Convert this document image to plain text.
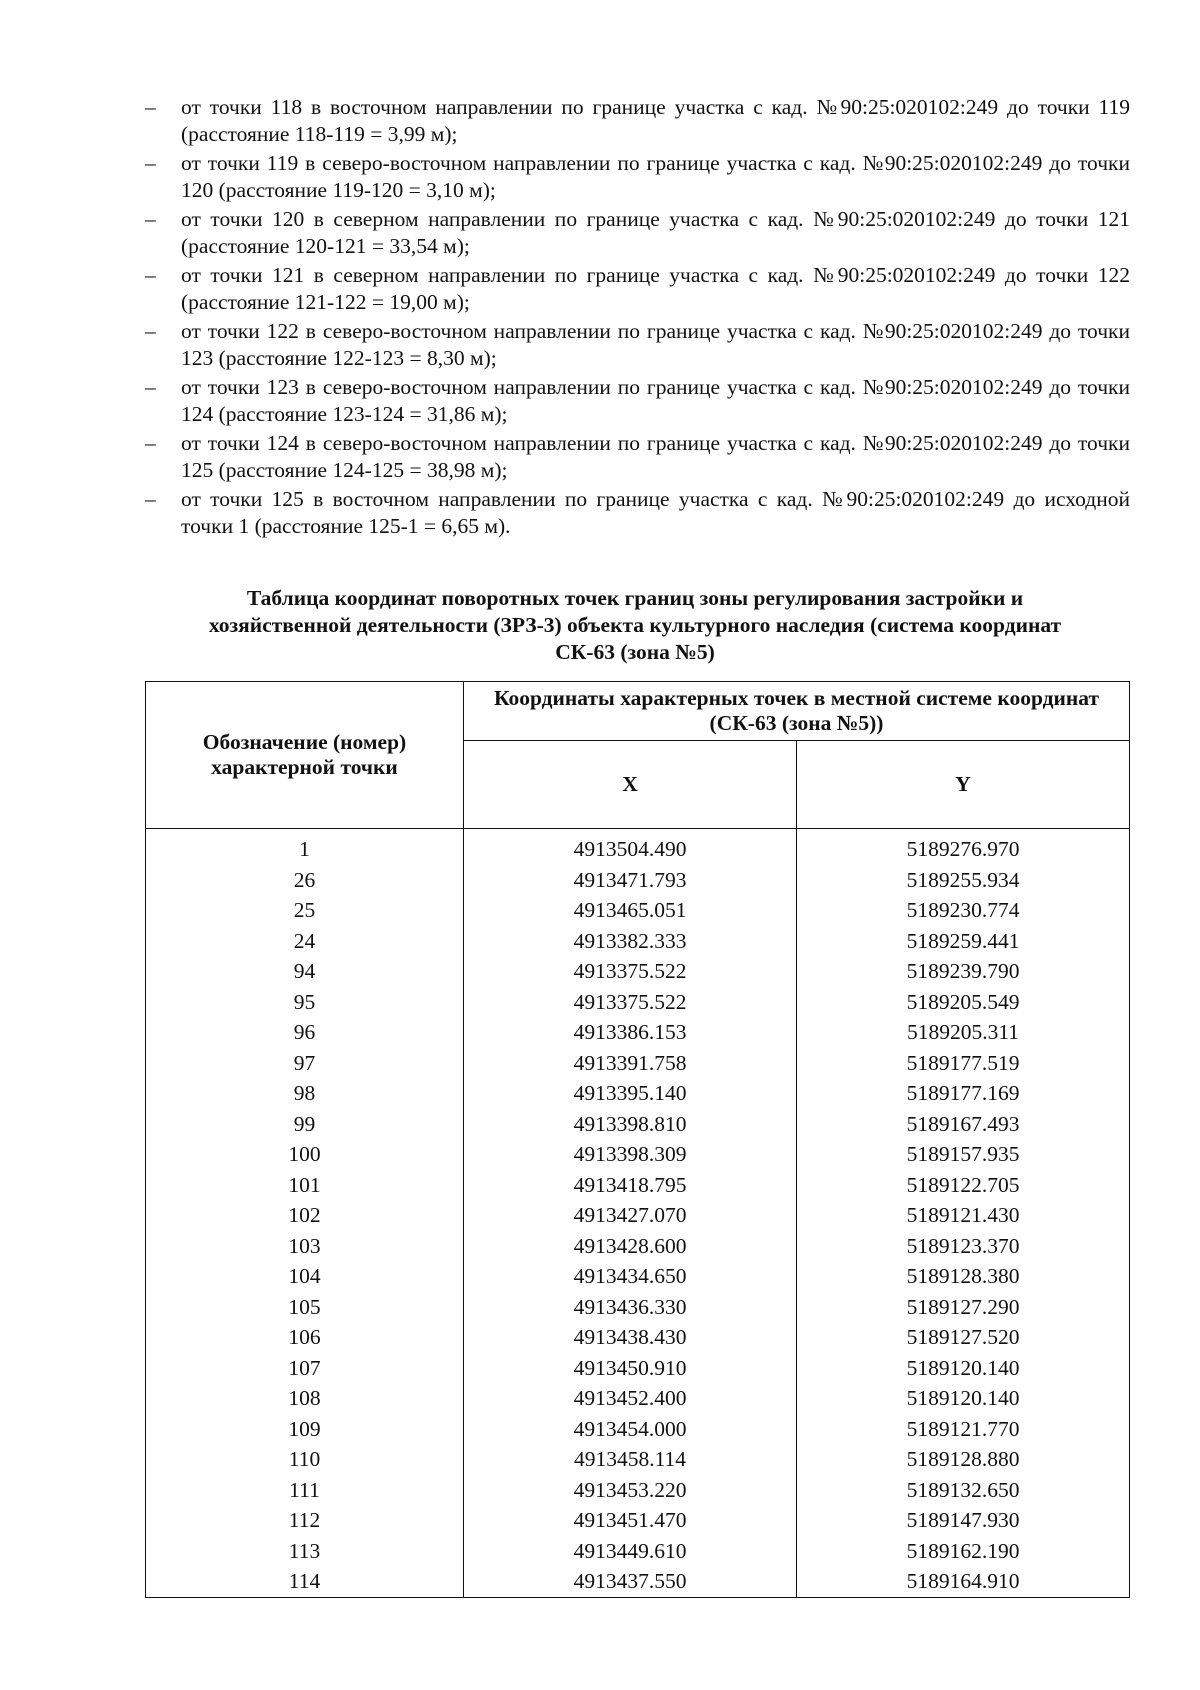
– от точки 118 в восточном направлении по границе участка с кад. №90:25:020102:249 до точки 119 (расстояние 118-119 = 3,99 м);
– от точки 119 в северо-восточном направлении по границе участка с кад. №90:25:020102:249 до точки 120 (расстояние 119-120 = 3,10 м);
– от точки 120 в северном направлении по границе участка с кад. №90:25:020102:249 до точки 121 (расстояние 120-121 = 33,54 м);
– от точки 121 в северном направлении по границе участка с кад. №90:25:020102:249 до точки 122 (расстояние 121-122 = 19,00 м);
– от точки 122 в северо-восточном направлении по границе участка с кад. №90:25:020102:249 до точки 123 (расстояние 122-123 = 8,30 м);
– от точки 123 в северо-восточном направлении по границе участка с кад. №90:25:020102:249 до точки 124 (расстояние 123-124 = 31,86 м);
– от точки 124 в северо-восточном направлении по границе участка с кад. №90:25:020102:249 до точки 125 (расстояние 124-125 = 38,98 м);
– от точки 125 в восточном направлении по границе участка с кад. №90:25:020102:249 до исходной точки 1 (расстояние 125-1 = 6,65 м).

Таблица координат поворотных точек границ зоны регулирования застройки и
хозяйственной деятельности (ЗРЗ-3) объекта культурного наследия (система координат
СК-63 (зона №5)

Обозначение (номер) характерной точки	Координаты характерных точек в местной системе координат (СК-63 (зона №5))	
	X	Y
1	4913504.490	5189276.970
26	4913471.793	5189255.934
25	4913465.051	5189230.774
24	4913382.333	5189259.441
94	4913375.522	5189239.790
95	4913375.522	5189205.549
96	4913386.153	5189205.311
97	4913391.758	5189177.519
98	4913395.140	5189177.169
99	4913398.810	5189167.493
100	4913398.309	5189157.935
101	4913418.795	5189122.705
102	4913427.070	5189121.430
103	4913428.600	5189123.370
104	4913434.650	5189128.380
105	4913436.330	5189127.290
106	4913438.430	5189127.520
107	4913450.910	5189120.140
108	4913452.400	5189120.140
109	4913454.000	5189121.770
110	4913458.114	5189128.880
111	4913453.220	5189132.650
112	4913451.470	5189147.930
113	4913449.610	5189162.190
114	4913437.550	5189164.910
